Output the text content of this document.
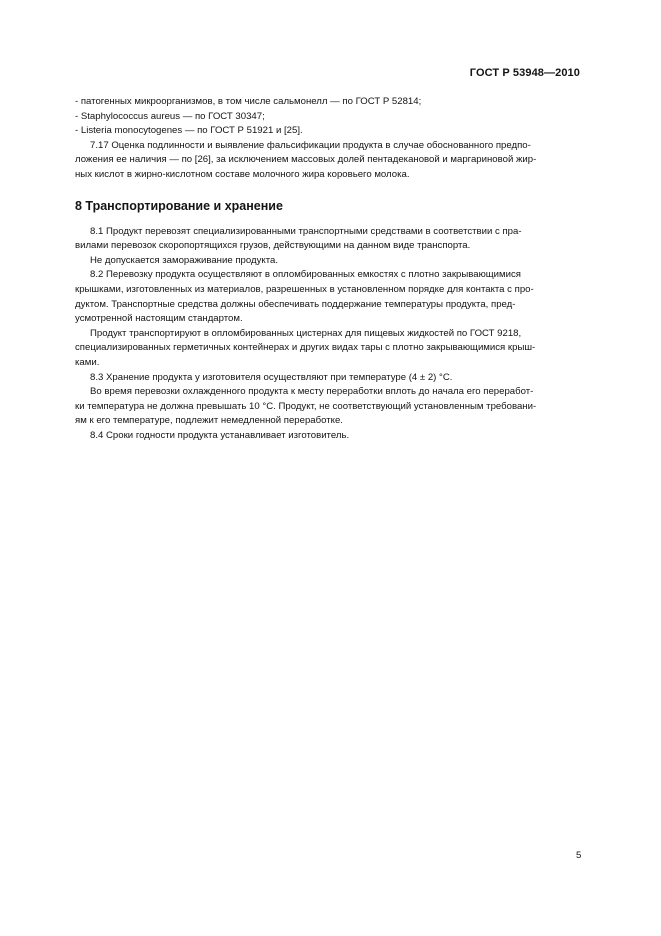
ГОСТ Р 53948—2010
- патогенных микроорганизмов, в том числе сальмонелл — по ГОСТ Р 52814;
- Staphylococcus aureus — по ГОСТ 30347;
- Listeria monocytogenes — по ГОСТ Р 51921 и [25].
7.17 Оценка подлинности и выявление фальсификации продукта в случае обоснованного предпо-
ложения ее наличия — по [26], за исключением массовых долей пентадекановой и маргариновой жир-
ных кислот в жирно-кислотном составе молочного жира коровьего молока.
8 Транспортирование и хранение
8.1 Продукт перевозят специализированными транспортными средствами в соответствии с пра-
вилами перевозок скоропортящихся грузов, действующими на данном виде транспорта.

Не допускается замораживание продукта.

8.2 Перевозку продукта осуществляют в опломбированных емкостях с плотно закрывающимися
крышками, изготовленных из материалов, разрешенных в установленном порядке для контакта с про-
дуктом. Транспортные средства должны обеспечивать поддержание температуры продукта, пред-
усмотренной настоящим стандартом.
Продукт транспортируют в опломбированных цистернах для пищевых жидкостей по ГОСТ 9218,
специализированных герметичных контейнерах и других видах тары с плотно закрывающимися крыш-
ками.

8.3 Хранение продукта у изготовителя осуществляют при температуре (4 ± 2) °С.

Во время перевозки охлажденного продукта к месту переработки вплоть до начала его переработ-
ки температура не должна превышать 10 °С. Продукт, не соответствующий установленным требовани-
ям к его температуре, подлежит немедленной переработке.

8.4 Сроки годности продукта устанавливает изготовитель.

5
